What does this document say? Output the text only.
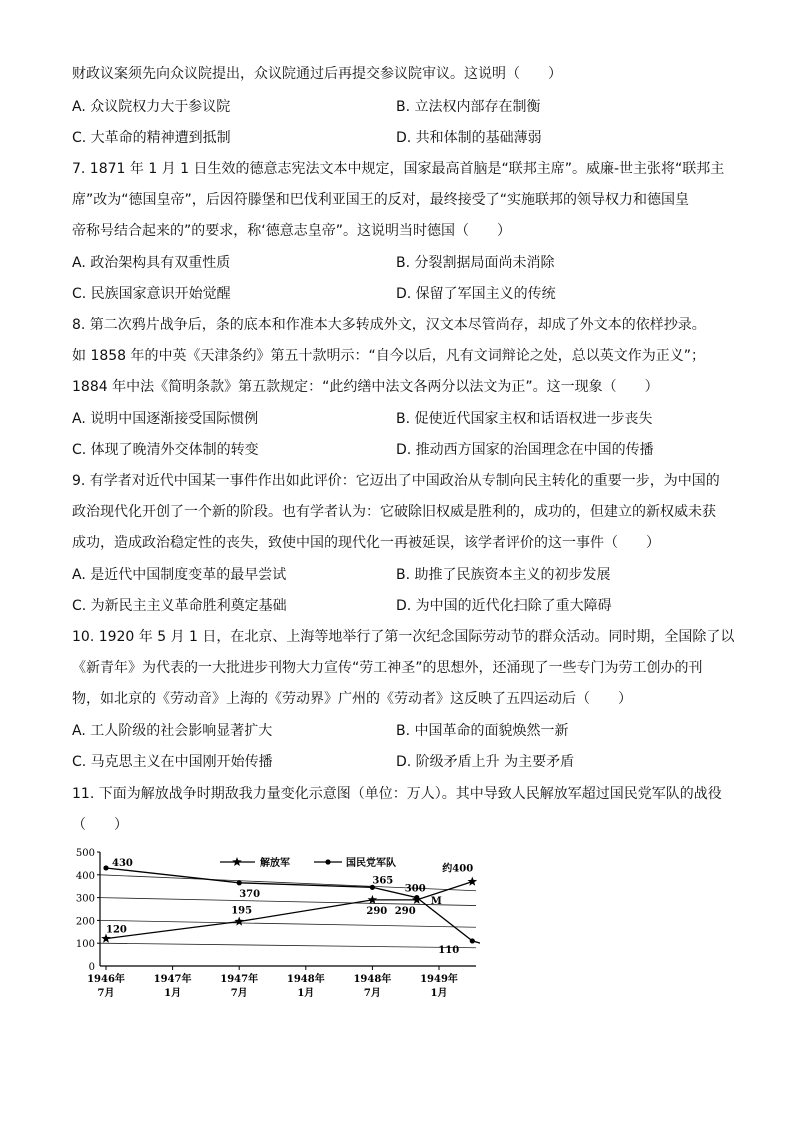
财政议案须先向众议院提出，众议院通过后再提交参议院审议。这说明（　　）
A. 众议院权力大于参议院	B. 立法权内部存在制衡
C. 大革命的精神遭到抵制	D. 共和体制的基础薄弱
7. 1871 年 1 月 1 日生效的德意志宪法文本中规定，国家最高首脑是“联邦主席”。威廉-世主张将“联邦主
席”改为“德国皇帝”，后因符滕堡和巴伐利亚国王的反对，最终接受了“实施联邦的领导权力和德国皇
帝称号结合起来的”的要求，称‘德意志皇帝”。这说明当时德国（　　）
A. 政治架构具有双重性质	B. 分裂割据局面尚未消除
C. 民族国家意识开始觉醒	D. 保留了军国主义的传统
8. 第二次鸦片战争后，条的底本和作准本大多转成外文，汉文本尽管尚存，却成了外文本的依样抄录。
如 1858 年的中英《天津条约》第五十款明示：“自今以后，凡有文词辩论之处，总以英文作为正义”；
1884 年中法《简明条款》第五款规定：“此约缮中法文各两分以法文为正”。这一现象（　　）
A. 说明中国逐渐接受国际惯例	B. 促使近代国家主权和话语权进一步丧失
C. 体现了晚清外交体制的转变	D. 推动西方国家的治国理念在中国的传播
9. 有学者对近代中国某一事件作出如此评价：它迈出了中国政治从专制向民主转化的重要一步，为中国的
政治现代化开创了一个新的阶段。也有学者认为：它破除旧权威是胜利的，成功的，但建立的新权威未获
成功，造成政治稳定性的丧失，致使中国的现代化一再被延误，该学者评价的这一事件（　　）
A. 是近代中国制度变革的最早尝试	B. 助推了民族资本主义的初步发展
C. 为新民主主义革命胜利奠定基础	D. 为中国的近代化扫除了重大障碍
10. 1920 年 5 月 1 日，在北京、上海等地举行了第一次纪念国际劳动节的群众活动。同时期，全国除了以
《新青年》为代表的一大批进步刊物大力宣传“劳工神圣”的思想外，还涌现了一些专门为劳工创办的刊
物，如北京的《劳动音》上海的《劳动界》广州的《劳动者》这反映了五四运动后（　　）
A. 工人阶级的社会影响显著扩大	B. 中国革命的面貌焕然一新
C. 马克思主义在中国刚开始传播	D. 阶级矛盾上升 为主要矛盾
11. 下面为解放战争时期敌我力量变化示意图（单位：万人）。其中导致人民解放军超过国民党军队的战役
（　　）
100
200
300
400
500
0
1946年
7月
1947年
1月
1947年
7月
1948年
1月
1948年
7月
1949年
1月
120
195	290 290
约400
430
370
365
300
110
M
解放军	国民党军队
